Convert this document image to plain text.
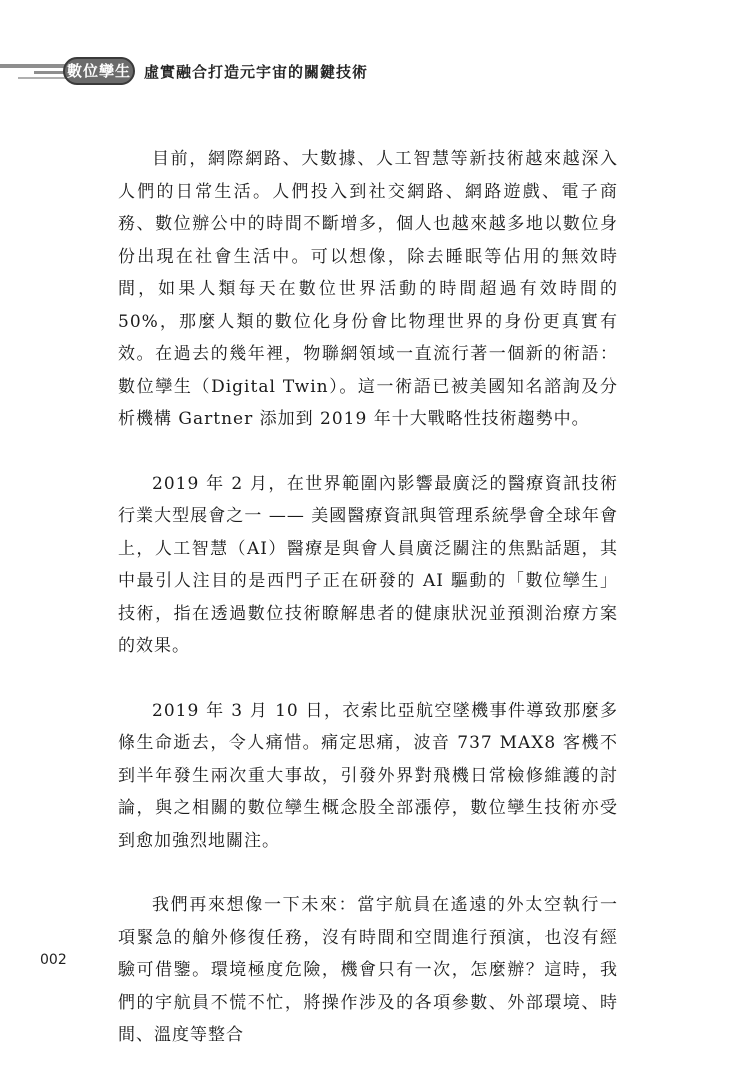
數位孿生 虛實融合打造元宇宙的關鍵技術

目前，網際網路、大數據、人工智慧等新技術越來越深入人們的日常生活。人們投入到社交網路、網路遊戲、電子商務、數位辦公中的時間不斷增多，個人也越來越多地以數位身份出現在社會生活中。可以想像，除去睡眠等佔用的無效時間，如果人類每天在數位世界活動的時間超過有效時間的 50%，那麼人類的數位化身份會比物理世界的身份更真實有效。在過去的幾年裡，物聯網領域一直流行著一個新的術語：數位孿生（Digital Twin）。這一術語已被美國知名諮詢及分析機構 Gartner 添加到 2019 年十大戰略性技術趨勢中。

2019 年 2 月，在世界範圍內影響最廣泛的醫療資訊技術行業大型展會之一 —— 美國醫療資訊與管理系統學會全球年會上，人工智慧（AI）醫療是與會人員廣泛關注的焦點話題，其中最引人注目的是西門子正在研發的 AI 驅動的「數位孿生」技術，指在透過數位技術瞭解患者的健康狀況並預測治療方案的效果。

2019 年 3 月 10 日，衣索比亞航空墜機事件導致那麼多條生命逝去，令人痛惜。痛定思痛，波音 737 MAX8 客機不到半年發生兩次重大事故，引發外界對飛機日常檢修維護的討論，與之相關的數位孿生概念股全部漲停，數位孿生技術亦受到愈加強烈地關注。

我們再來想像一下未來：當宇航員在遙遠的外太空執行一項緊急的艙外修復任務，沒有時間和空間進行預演，也沒有經驗可借鑒。環境極度危險，機會只有一次，怎麼辦？這時，我們的宇航員不慌不忙，將操作涉及的各項參數、外部環境、時間、溫度等整合

002
